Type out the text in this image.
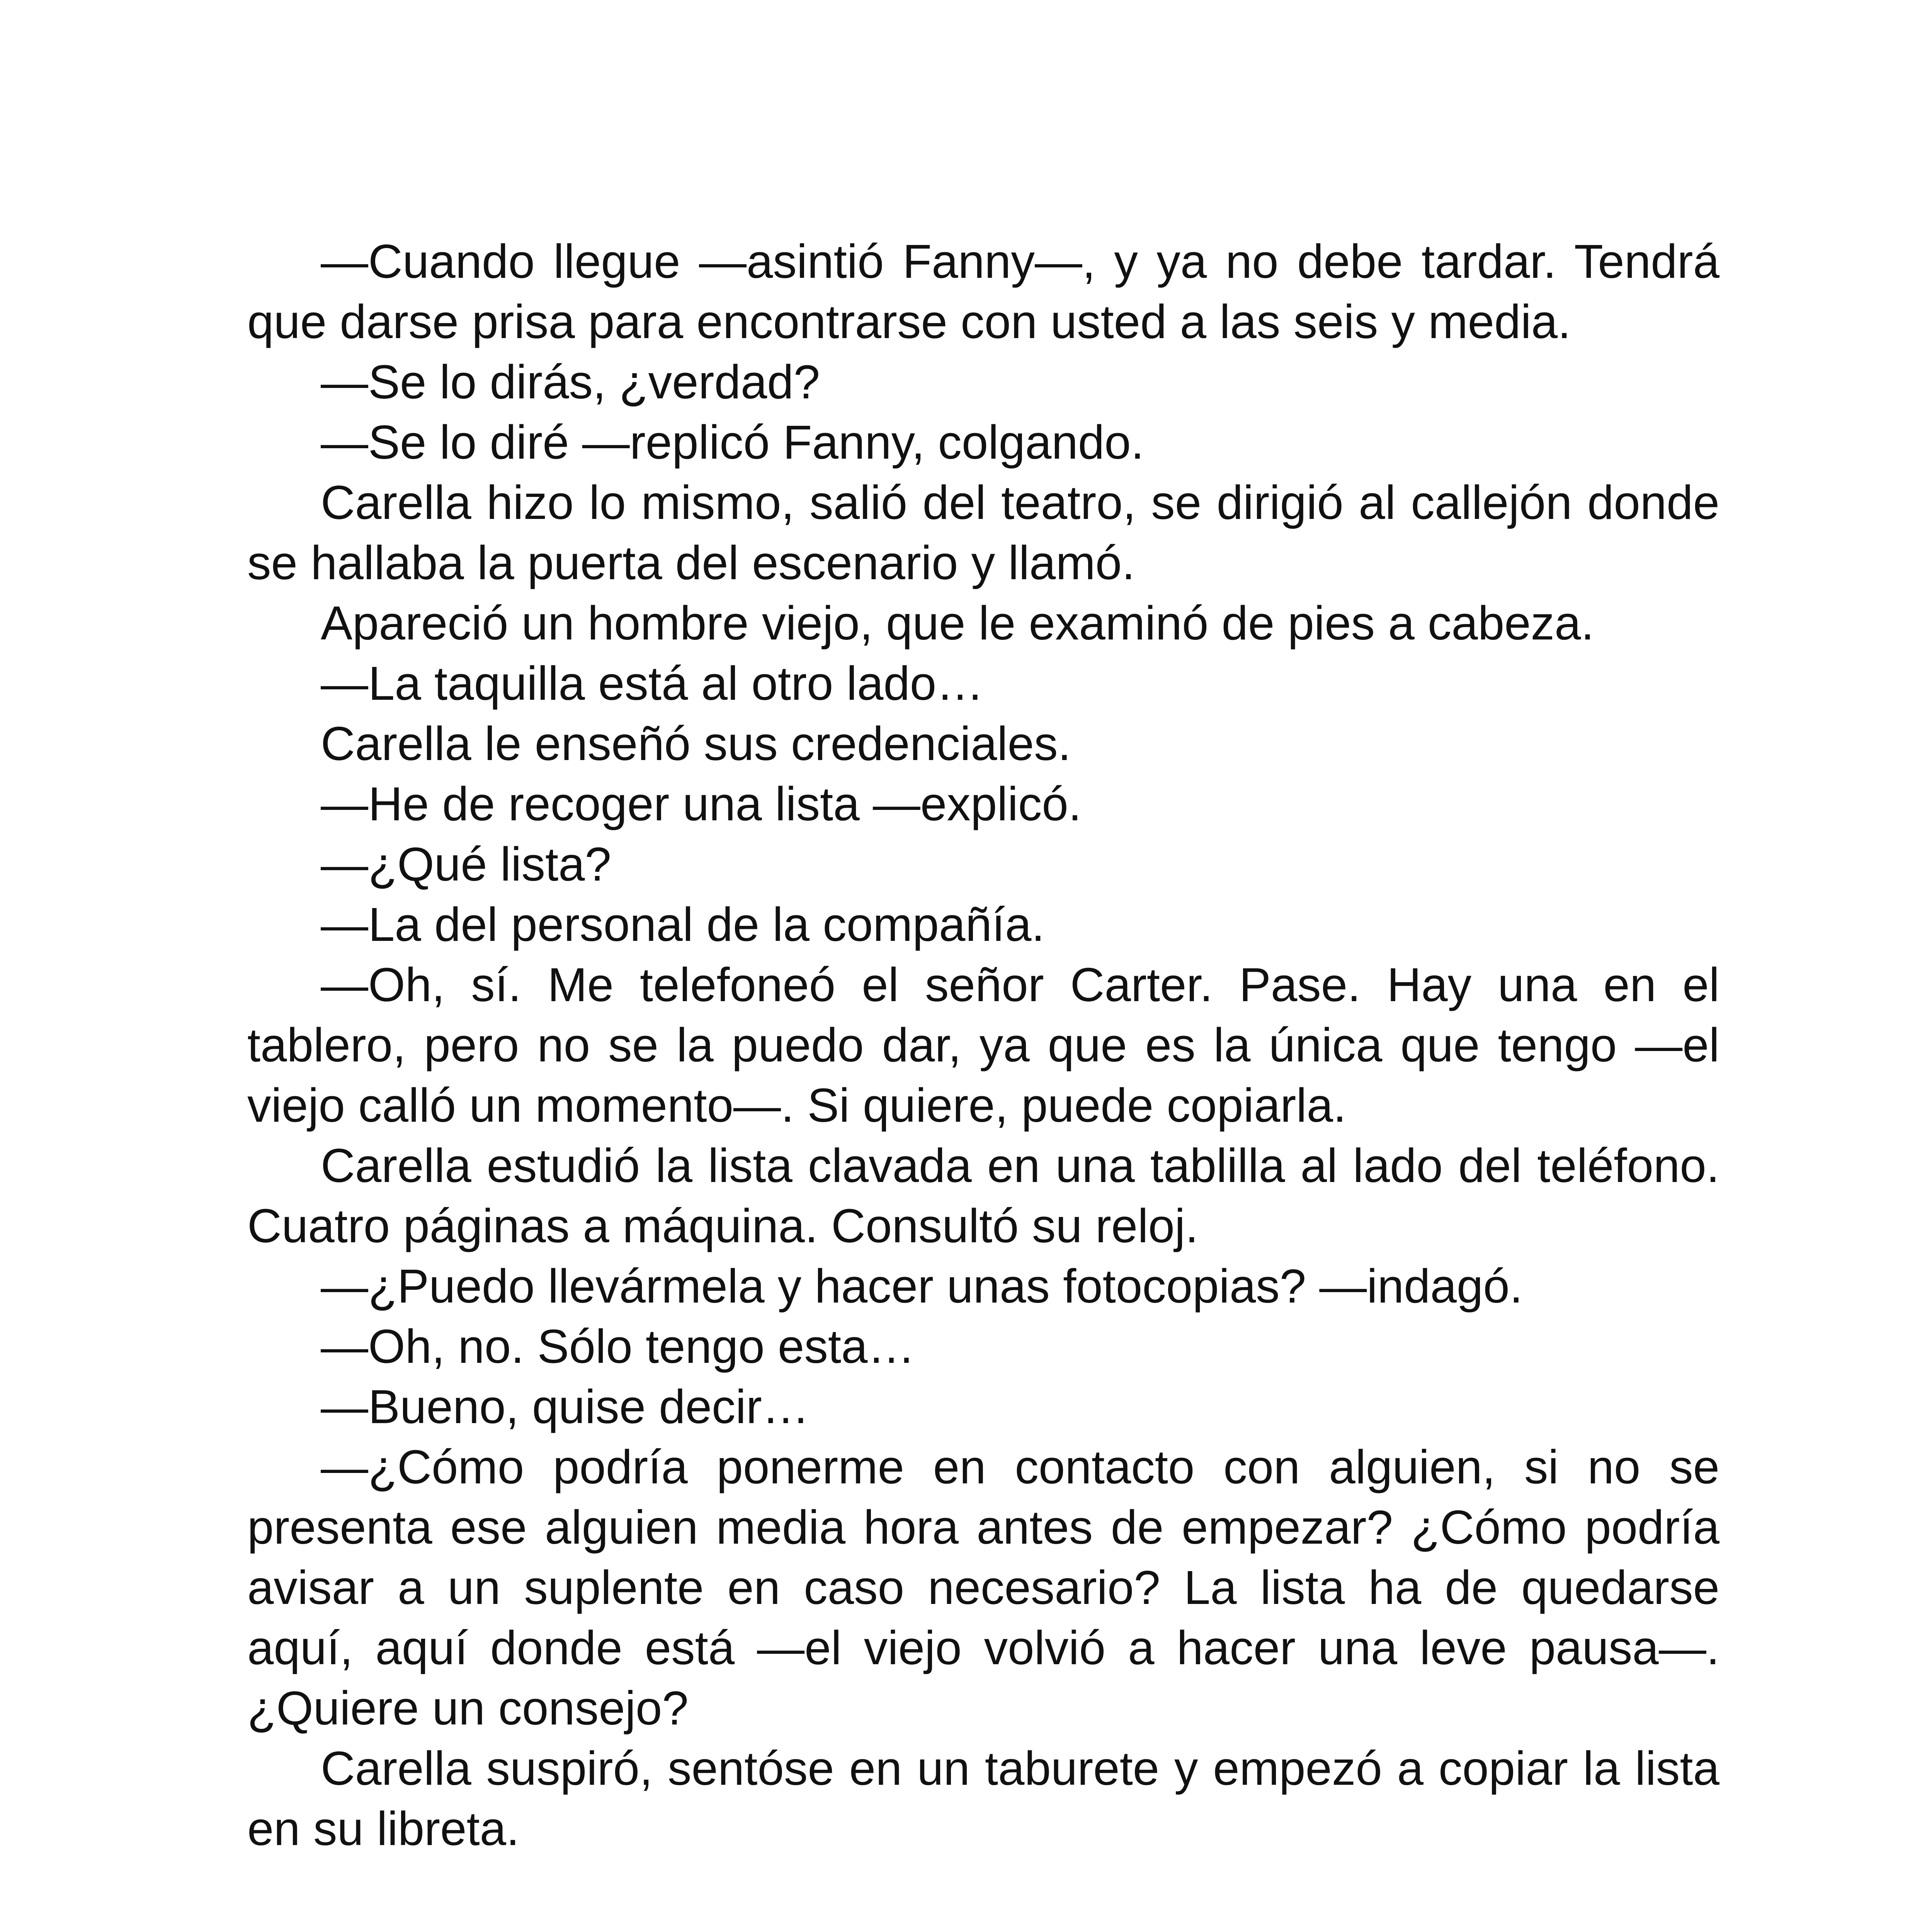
—Cuando llegue —asintió Fanny—, y ya no debe tardar. Tendrá que darse prisa para encontrarse con usted a las seis y media.

—Se lo dirás, ¿verdad?

—Se lo diré —replicó Fanny, colgando.

Carella hizo lo mismo, salió del teatro, se dirigió al callejón donde se hallaba la puerta del escenario y llamó.

Apareció un hombre viejo, que le examinó de pies a cabeza.

—La taquilla está al otro lado…

Carella le enseñó sus credenciales.

—He de recoger una lista —explicó.

—¿Qué lista?

—La del personal de la compañía.

—Oh, sí. Me telefoneó el señor Carter. Pase. Hay una en el tablero, pero no se la puedo dar, ya que es la única que tengo —el viejo calló un momento—. Si quiere, puede copiarla.

Carella estudió la lista clavada en una tablilla al lado del teléfono. Cuatro páginas a máquina. Consultó su reloj.

—¿Puedo llevármela y hacer unas fotocopias? —indagó.

—Oh, no. Sólo tengo esta…

—Bueno, quise decir…

—¿Cómo podría ponerme en contacto con alguien, si no se presenta ese alguien media hora antes de empezar? ¿Cómo podría avisar a un suplente en caso necesario? La lista ha de quedarse aquí, aquí donde está —el viejo volvió a hacer una leve pausa—. ¿Quiere un consejo?

Carella suspiró, sentóse en un taburete y empezó a copiar la lista en su libreta.
